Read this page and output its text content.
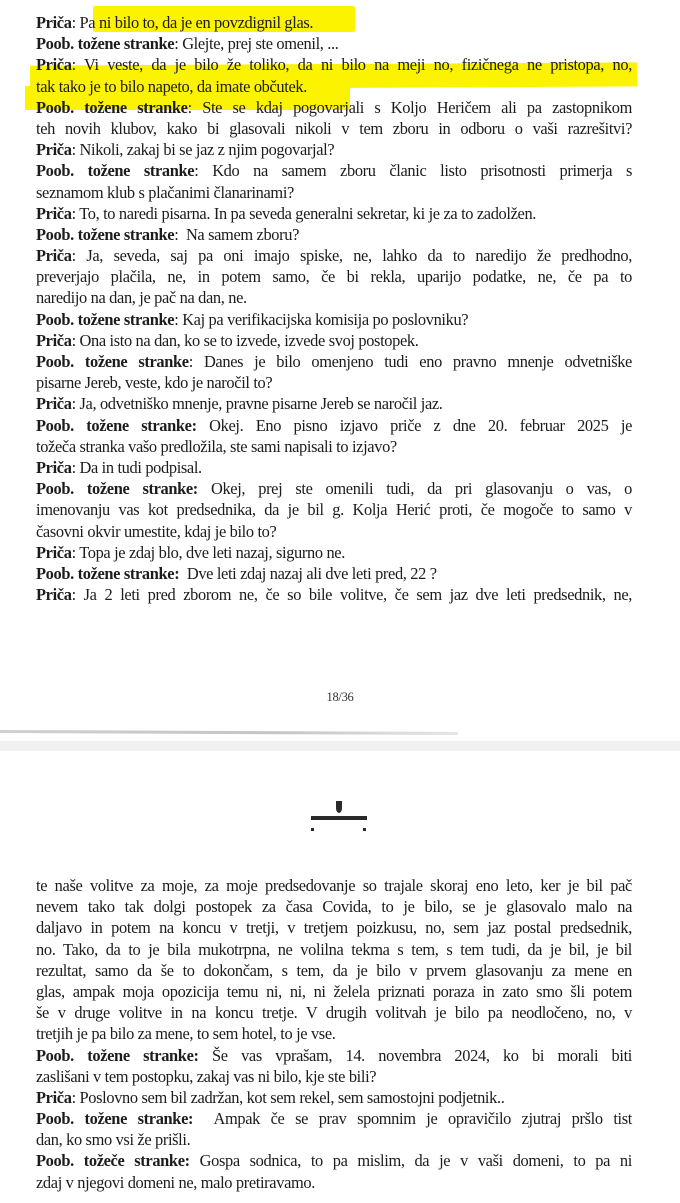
Priča: Pa ni bilo to, da je en povzdignil glas.
Poob. tožene stranke: Glejte, prej ste omenil, ...
Priča: Vi veste, da je bilo že toliko, da ni bilo na meji no, fizičnega ne pristopa, no,
tak tako je to bilo napeto, da imate občutek.
Poob. tožene stranke: Ste se kdaj pogovarjali s Koljo Heričem ali pa zastopnikom
teh novih klubov, kako bi glasovali nikoli v tem zboru in odboru o vaši razrešitvi?
Priča: Nikoli, zakaj bi se jaz z njim pogovarjal?
Poob. tožene stranke: Kdo na samem zboru članic listo prisotnosti primerja s
seznamom klub s plačanimi članarinami?
Priča: To, to naredi pisarna. In pa seveda generalni sekretar, ki je za to zadolžen.
Poob. tožene stranke:  Na samem zboru?
Priča: Ja, seveda, saj pa oni imajo spiske, ne, lahko da to naredijo že predhodno,
preverjajo plačila, ne, in potem samo, če bi rekla, uparijo podatke, ne, če pa to
naredijo na dan, je pač na dan, ne.
Poob. tožene stranke: Kaj pa verifikacijska komisija po poslovniku?
Priča: Ona isto na dan, ko se to izvede, izvede svoj postopek.
Poob. tožene stranke: Danes je bilo omenjeno tudi eno pravno mnenje odvetniške
pisarne Jereb, veste, kdo je naročil to?
Priča: Ja, odvetniško mnenje, pravne pisarne Jereb se naročil jaz.
Poob. tožene stranke: Okej. Eno pisno izjavo priče z dne 20. februar 2025 je
tožeča stranka vašo predložila, ste sami napisali to izjavo?
Priča: Da in tudi podpisal.
Poob. tožene stranke: Okej, prej ste omenili tudi, da pri glasovanju o vas, o
imenovanju vas kot predsednika, da je bil g. Kolja Herić proti, če mogoče to samo v
časovni okvir umestite, kdaj je bilo to?
Priča: Topa je zdaj blo, dve leti nazaj, sigurno ne.
Poob. tožene stranke: Dve leti zdaj nazaj ali dve leti pred, 22 ?
Priča: Ja 2 leti pred zborom ne, če so bile volitve, če sem jaz dve leti predsednik, ne,
18/36
te naše volitve za moje, za moje predsedovanje so trajale skoraj eno leto, ker je bil pač
nevem tako tak dolgi postopek za časa Covida, to je bilo, se je glasovalo malo na
daljavo in potem na koncu v tretji, v tretjem poizkusu, no, sem jaz postal predsednik,
no. Tako, da to je bila mukotrpna, ne volilna tekma s tem, s tem tudi, da je bil, je bil
rezultat, samo da še to dokončam, s tem, da je bilo v prvem glasovanju za mene en
glas, ampak moja opozicija temu ni, ni, ni želela priznati poraza in zato smo šli potem
še v druge volitve in na koncu tretje. V drugih volitvah je bilo pa neodločeno, no, v
tretjih je pa bilo za mene, to sem hotel, to je vse.
Poob. tožene stranke: Še vas vprašam, 14. novembra 2024, ko bi morali biti
zaslišani v tem postopku, zakaj vas ni bilo, kje ste bili?
Priča: Poslovno sem bil zadržan, kot sem rekel, sem samostojni podjetnik..
Poob. tožene stranke: Ampak če se prav spomnim je opravičilo zjutraj pršlo tist
dan, ko smo vsi že prišli.
Poob. tožeče stranke: Gospa sodnica, to pa mislim, da je v vaši domeni, to pa ni
zdaj v njegovi domeni ne, malo pretiravamo.
